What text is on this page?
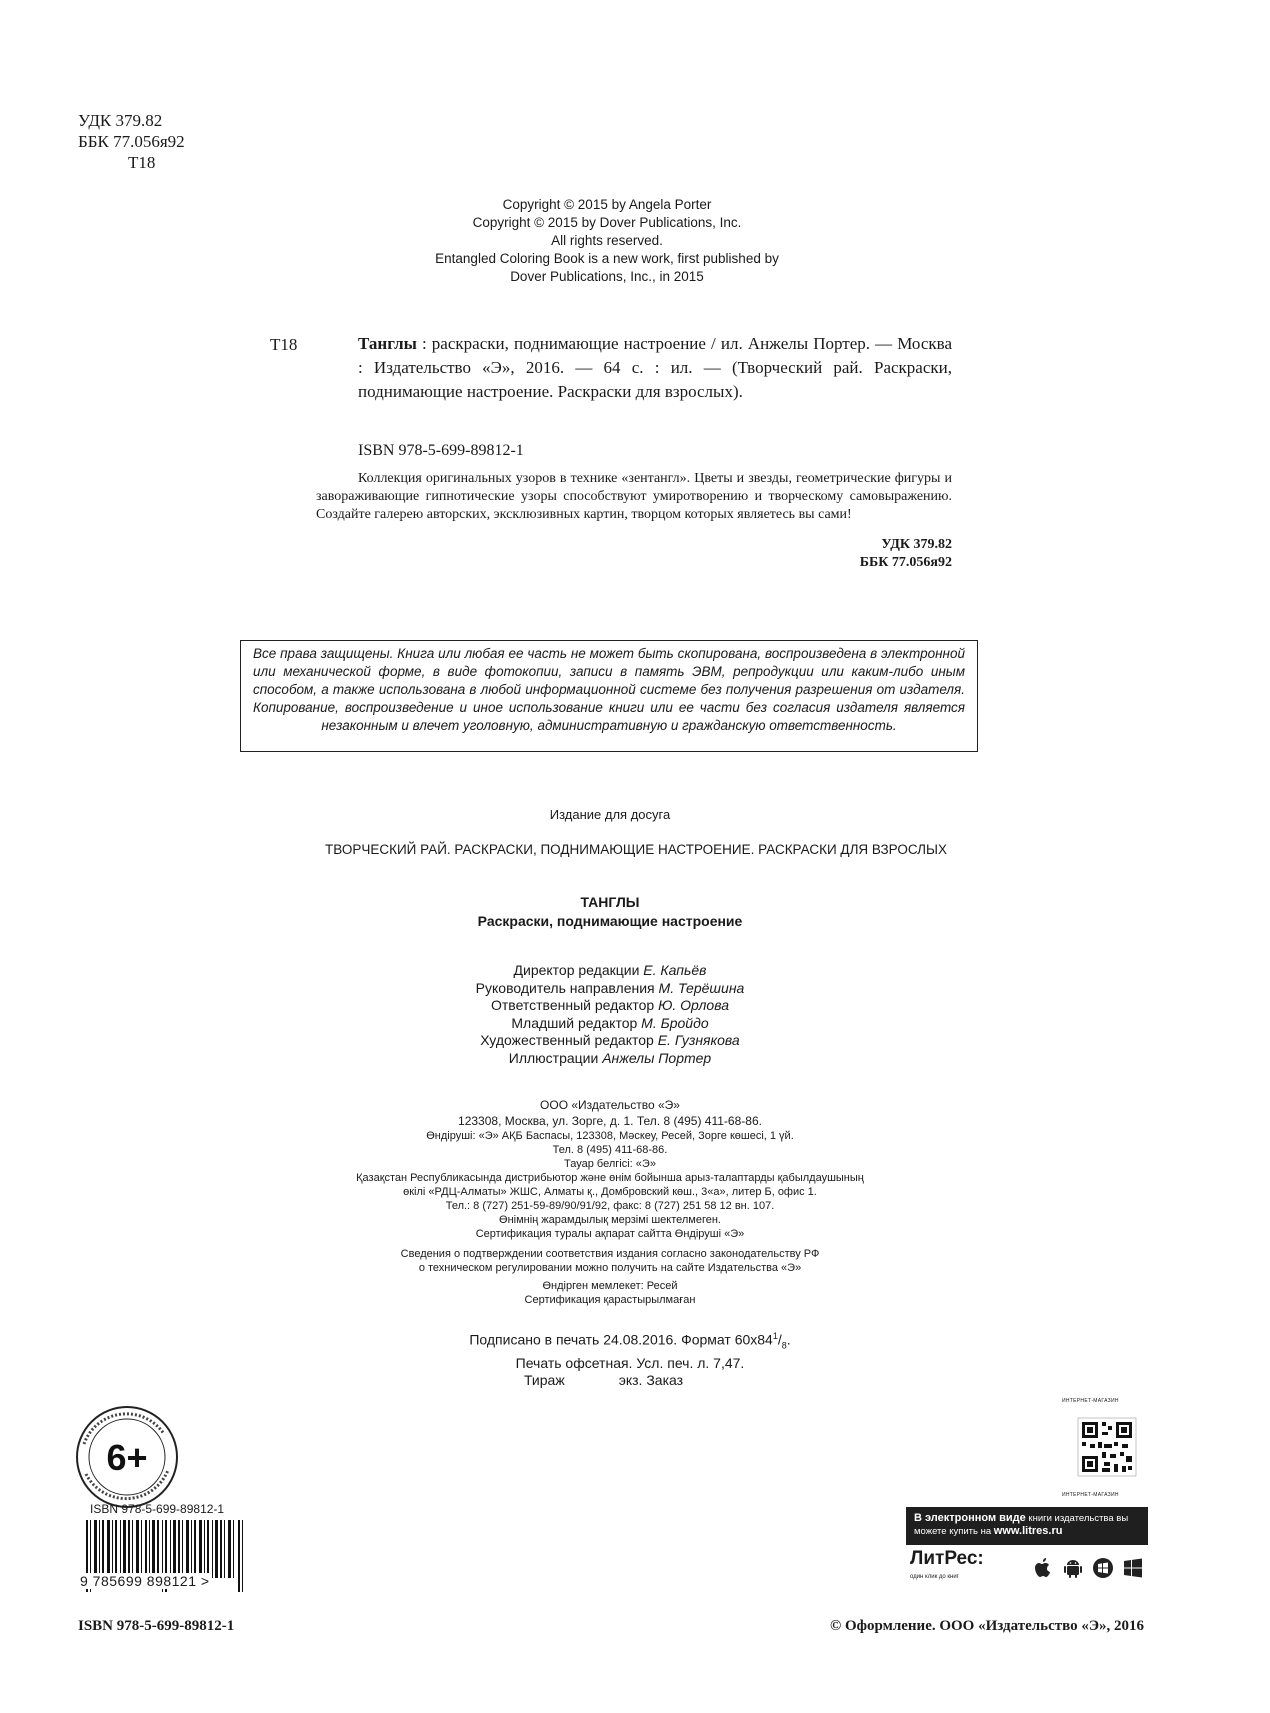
УДК 379.82
ББК 77.056я92
Т18
Copyright © 2015 by Angela Porter
Copyright © 2015 by Dover Publications, Inc.
All rights reserved.
Entangled Coloring Book is a new work, first published by
Dover Publications, Inc., in 2015
Т18	Танглы : раскраски, поднимающие настроение / ил. Анжелы Портер. — Москва : Издательство «Э», 2016. — 64 с. : ил. — (Творческий рай. Раскраски, поднимающие настроение. Раскраски для взрослых).
ISBN 978-5-699-89812-1
Коллекция оригинальных узоров в технике «зентангл». Цветы и звезды, геометрические фигуры и завораживающие гипнотические узоры способствуют умиротворению и творческому самовыражению. Создайте галерею авторских, эксклюзивных картин, творцом которых являетесь вы сами!
УДК 379.82
ББК 77.056я92
Все права защищены. Книга или любая ее часть не может быть скопирована, воспроизведена в электронной или механической форме, в виде фотокопии, записи в память ЭВМ, репродукции или каким-либо иным способом, а также использована в любой информационной системе без получения разрешения от издателя. Копирование, воспроизведение и иное использование книги или ее части без согласия издателя является незаконным и влечет уголовную, административную и гражданскую ответственность.
Издание для досуга
ТВОРЧЕСКИЙ РАЙ. РАСКРАСКИ, ПОДНИМАЮЩИЕ НАСТРОЕНИЕ. РАСКРАСКИ ДЛЯ ВЗРОСЛЫХ
ТАНГЛЫ
Раскраски, поднимающие настроение
Директор редакции Е. Капьёв
Руководитель направления М. Терёшина
Ответственный редактор Ю. Орлова
Младший редактор М. Бройдо
Художественный редактор Е. Гузнякова
Иллюстрации Анжелы Портер
ООО «Издательство «Э»
123308, Москва, ул. Зорге, д. 1. Тел. 8 (495) 411-68-86.
Өндіруші: «Э» АҚБ Баспасы, 123308, Мәскеу, Ресей, Зорге көшесі, 1 үй.
Тел. 8 (495) 411-68-86.
Тауар белгісі: «Э»
Қазақстан Республикасында дистрибьютор және өнім бойынша арыз-талаптарды қабылдаушының
өкілі «РДЦ-Алматы» ЖШС, Алматы қ., Домбровский көш., 3«а», литер Б, офис 1.
Тел.: 8 (727) 251-59-89/90/91/92, факс: 8 (727) 251 58 12 вн. 107.
Өнімнің жарамдылық мерзімі шектелмеген.
Сертификация туралы ақпарат сайтта Өндіруші «Э»
Сведения о подтверждении соответствия издания согласно законодательству РФ
о техническом регулировании можно получить на сайте Издательства «Э»
Өндірген мемлекет: Ресей
Сертификация қарастырылмаған
Подписано в печать 24.08.2016. Формат $60x84^1/_8$.
Печать офсетная. Усл. печ. л. 7,47.
Тираж	экз. Заказ
6+
ISBN 978-5-699-89812-1
9 785699 898121 >
ISBN 978-5-699-89812-1	© Оформление. ООО «Издательство «Э», 2016
ИНТЕРНЕТ-МАГАЗИН
ИНТЕРНЕТ-МАГАЗИН
В электронном виде книги издательства вы можете купить на www.litres.ru
ЛитРес:
один клик до книг
